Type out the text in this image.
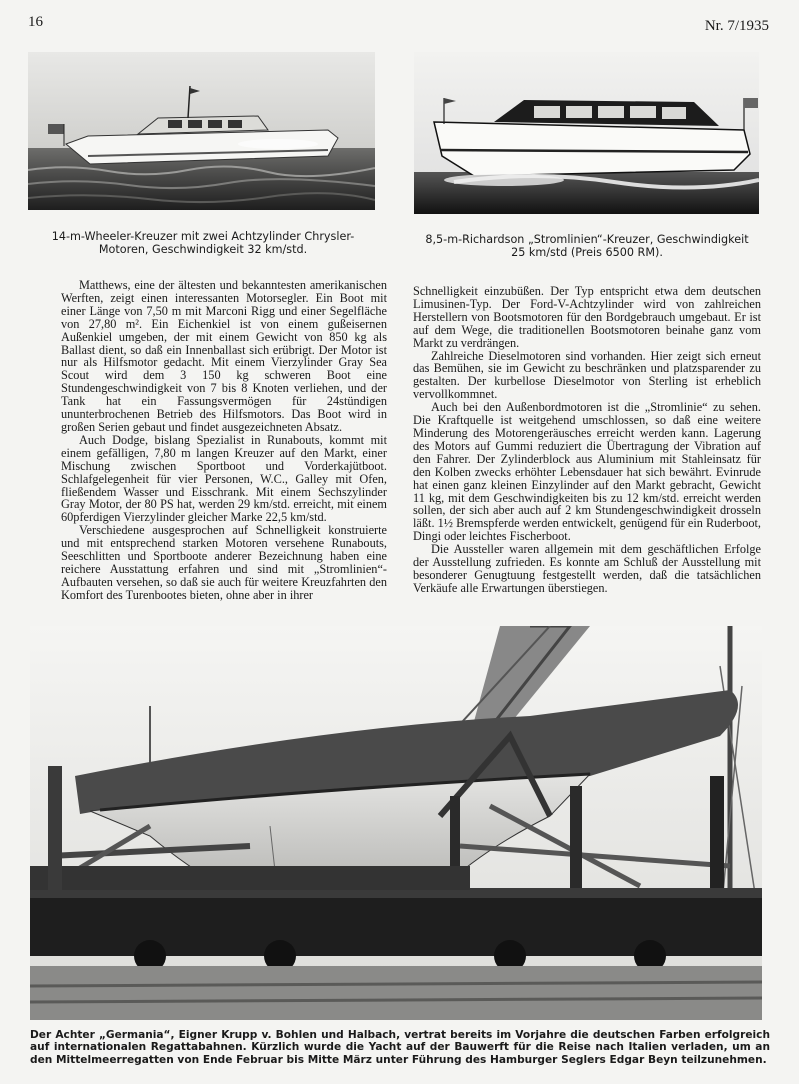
16	Nr. 7/1935
14-m-Wheeler-Kreuzer mit zwei Achtzylinder Chrysler-Motoren, Geschwindigkeit 32 km/std.
8,5-m-Richardson „Stromlinien“-Kreuzer, Geschwindigkeit
25 km/std (Preis 6500 RM).

Matthews, eine der ältesten und bekanntesten amerikanischen Werften, zeigt einen interessanten Motorsegler. Ein Boot mit einer Länge von 7,50 m mit Marconi Rigg und einer Segelfläche von 27,80 m². Ein Eichenkiel ist von einem gußeisernen Außenkiel umgeben, der mit einem Gewicht von 850 kg als Ballast dient, so daß ein Innenballast sich erübrigt. Der Motor ist nur als Hilfsmotor gedacht. Mit einem Vierzylinder Gray Sea Scout wird dem 3 150 kg schweren Boot eine Stundengeschwindigkeit von 7 bis 8 Knoten verliehen, und der Tank hat ein Fassungsvermögen für 24stündigen ununterbrochenen Betrieb des Hilfsmotors. Das Boot wird in großen Serien gebaut und findet ausgezeichneten Absatz.

Auch Dodge, bislang Spezialist in Runabouts, kommt mit einem gefälligen, 7,80 m langen Kreuzer auf den Markt, einer Mischung zwischen Sportboot und Vorderkajütboot. Schlafgelegenheit für vier Personen, W.C., Galley mit Ofen, fließendem Wasser und Eisschrank. Mit einem Sechszylinder Gray Motor, der 80 PS hat, werden 29 km/std. erreicht, mit einem 60pferdigen Vierzylinder gleicher Marke 22,5 km/std.

Verschiedene ausgesprochen auf Schnelligkeit konstruierte und mit entsprechend starken Motoren versehene Runabouts, Seeschlitten und Sportboote anderer Bezeichnung haben eine reichere Ausstattung erfahren und sind mit „Stromlinien“-Aufbauten versehen, so daß sie auch für weitere Kreuzfahrten den Komfort des Turenbootes bieten, ohne aber in ihrer

Schnelligkeit einzubüßen. Der Typ entspricht etwa dem deutschen Limusinen-Typ. Der Ford-V-Achtzylinder wird von zahlreichen Herstellern von Bootsmotoren für den Bordgebrauch umgebaut. Er ist auf dem Wege, die traditionellen Bootsmotoren beinahe ganz vom Markt zu verdrängen.

Zahlreiche Dieselmotoren sind vorhanden. Hier zeigt sich erneut das Bemühen, sie im Gewicht zu beschränken und platzsparender zu gestalten. Der kurbellose Dieselmotor von Sterling ist erheblich vervollkommnet.

Auch bei den Außenbordmotoren ist die „Stromlinie“ zu sehen. Die Kraftquelle ist weitgehend umschlossen, so daß eine weitere Minderung des Motorengeräusches erreicht werden kann. Lagerung des Motors auf Gummi reduziert die Übertragung der Vibration auf den Fahrer. Der Zylinderblock aus Aluminium mit Stahleinsatz für den Kolben zwecks erhöhter Lebensdauer hat sich bewährt. Evinrude hat einen ganz kleinen Einzylinder auf den Markt gebracht, Gewicht 11 kg, mit dem Geschwindigkeiten bis zu 12 km/std. erreicht werden sollen, der sich aber auch auf 2 km Stundengeschwindigkeit drosseln läßt. 1½ Bremspferde werden entwickelt, genügend für ein Ruderboot, Dingi oder leichtes Fischerboot.

Die Aussteller waren allgemein mit dem geschäftlichen Erfolge der Ausstellung zufrieden. Es konnte am Schluß der Ausstellung mit besonderer Genugtuung festgestellt werden, daß die tatsächlichen Verkäufe alle Erwartungen überstiegen.

Der Achter „Germania“, Eigner Krupp v. Bohlen und Halbach, vertrat bereits im Vorjahre die deutschen Farben erfolgreich auf internationalen Regattabahnen. Kürzlich wurde die Yacht auf der Bauwerft für die Reise nach Italien verladen, um an den Mittelmeerregatten von Ende Februar bis Mitte März unter Führung des Hamburger Seglers Edgar Beyn teilzunehmen.
